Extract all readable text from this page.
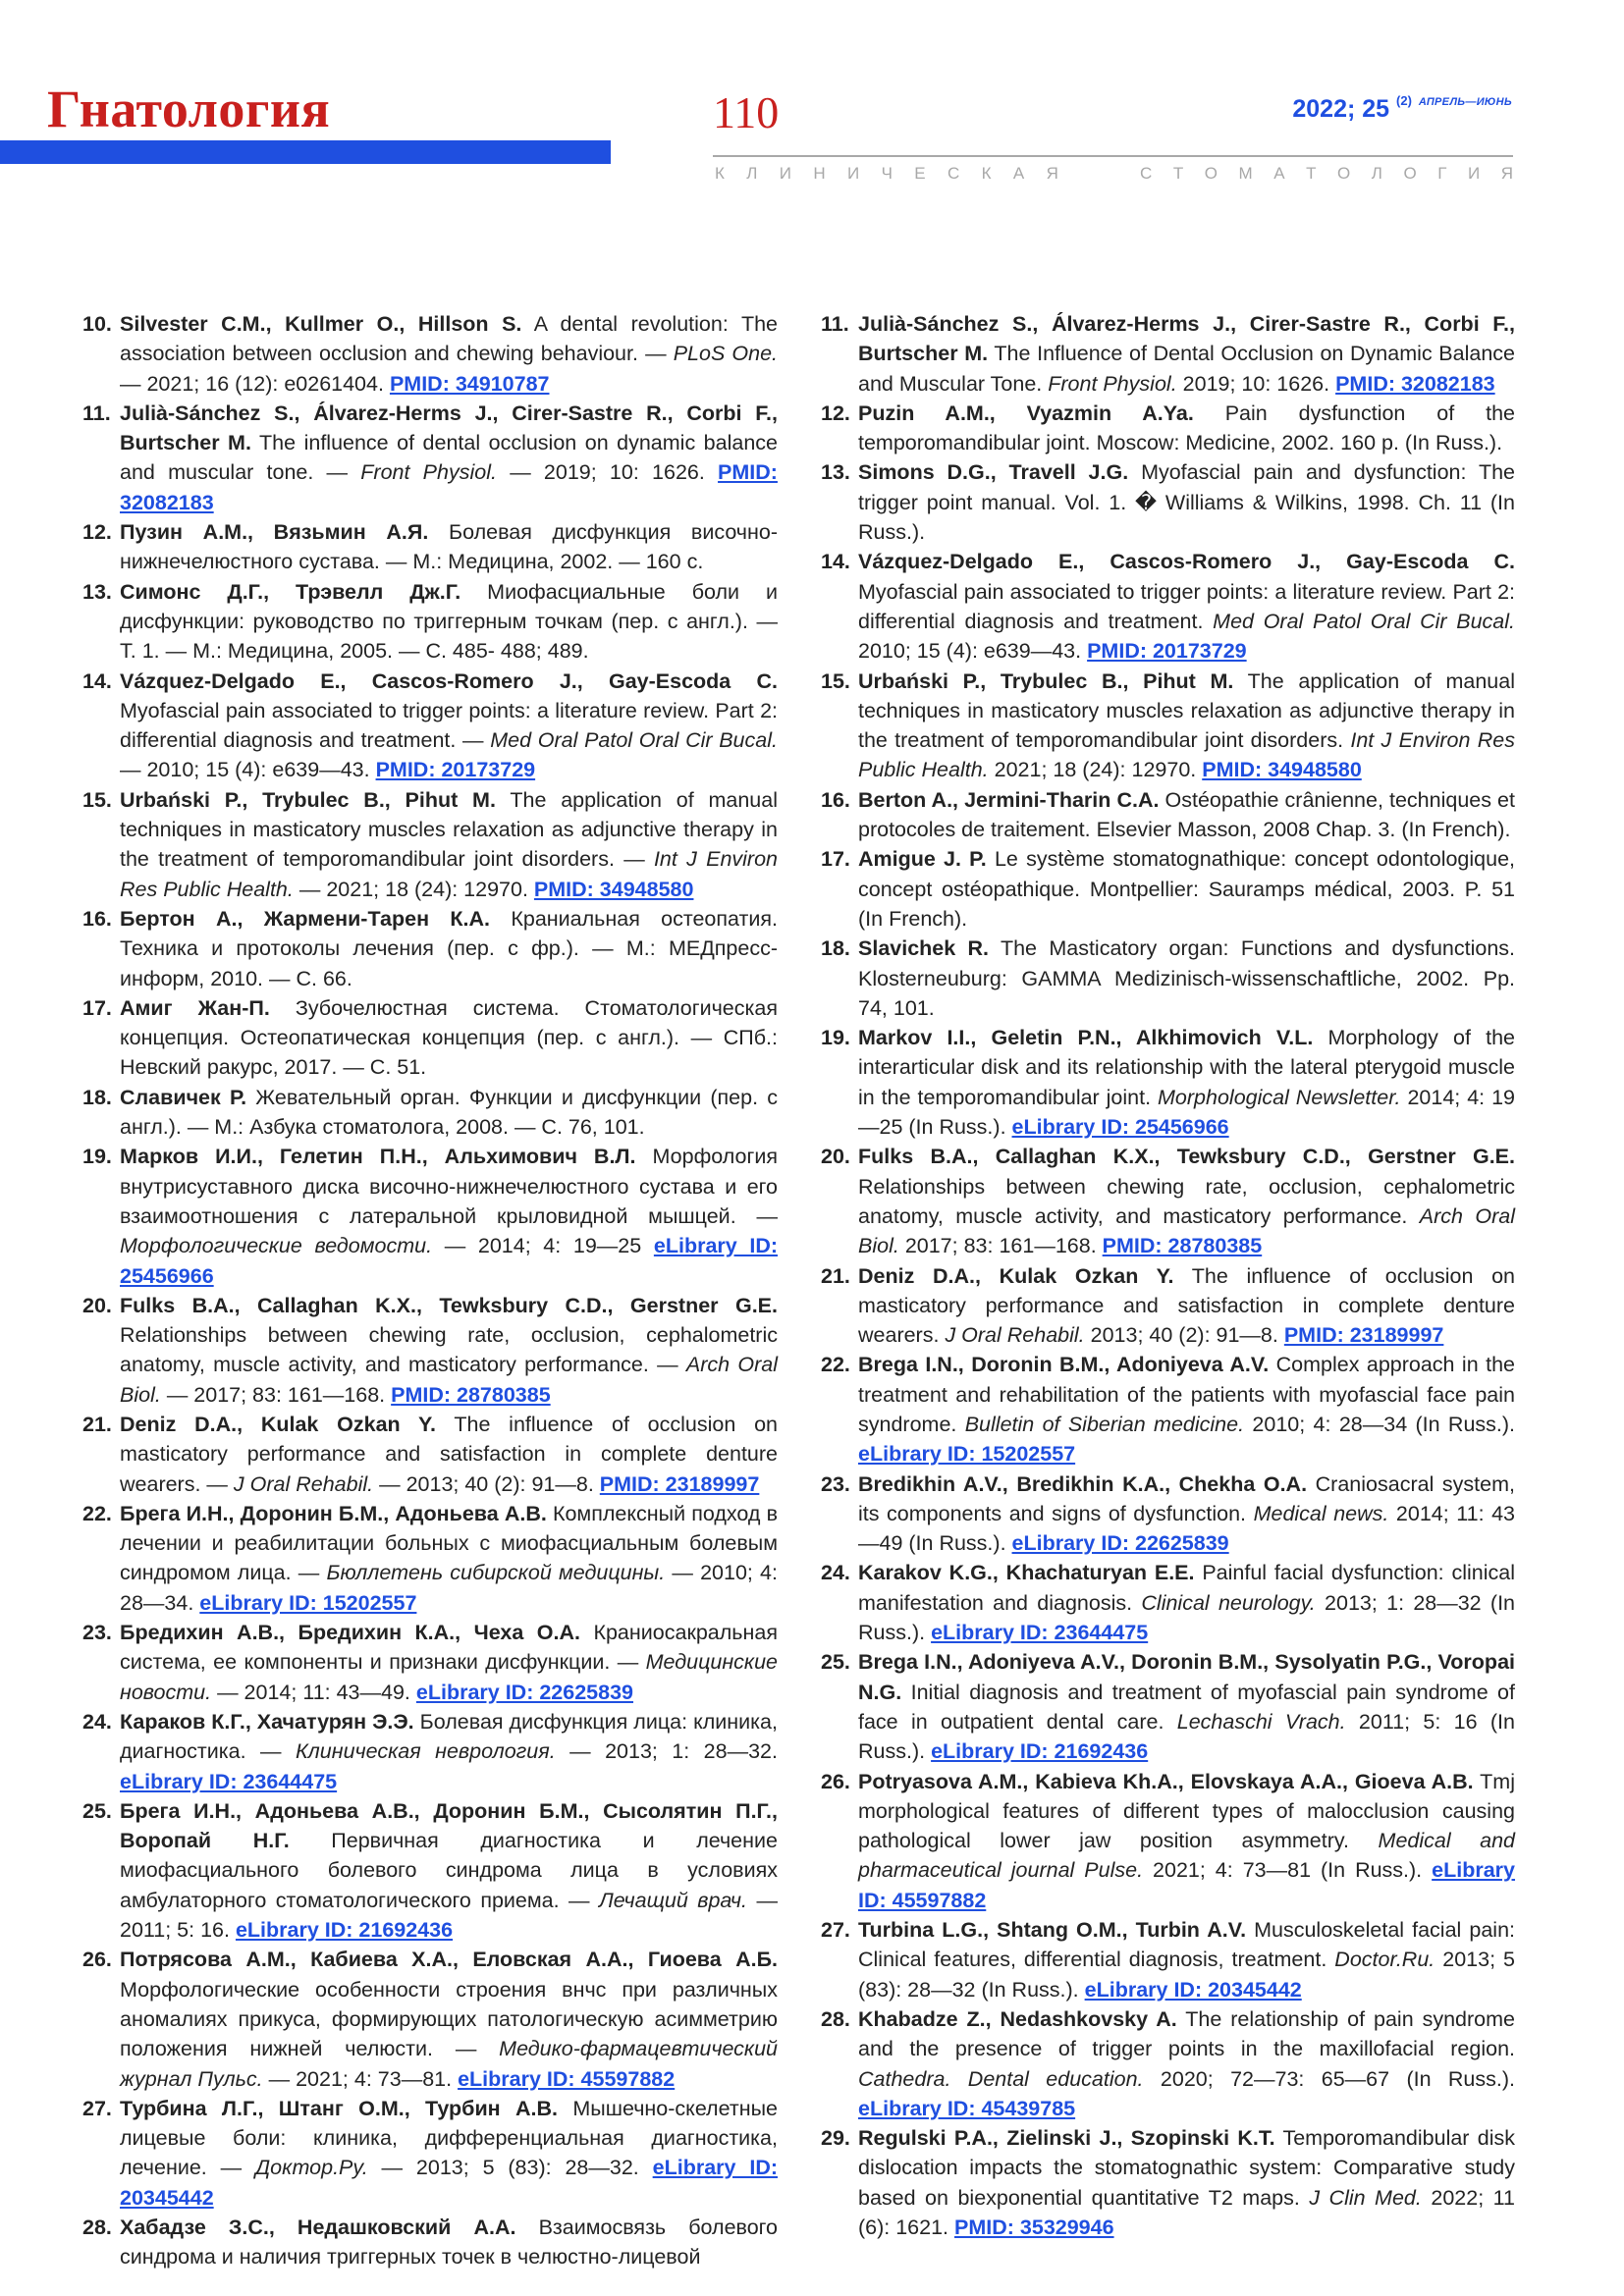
Гнатология	110	2022; 25 $^{(2)}$ $^{АПРЕЛЬ—ИЮНЬ}$
К Л И Н И Ч Е С К А Я	С Т О М А Т О Л О Г И Я
10. Silvester C.M., Kullmer O., Hillson S. A dental revolution: The association between occlusion and chewing behaviour. — PLoS One. — 2021; 16 (12): e0261404. PMID: 34910787
11. Julià-Sánchez S., Álvarez-Herms J., Cirer-Sastre R., Corbi F., Burtscher M. The influence of dental occlusion on dynamic balance and muscular tone. — Front Physiol. — 2019; 10: 1626. PMID: 32082183
12. Пузин А.М., Вязьмин А.Я. Болевая дисфункция височно-нижнечелюстного сустава. — М.: Медицина, 2002. — 160 с.
13. Симонс Д.Г., Трэвелл Дж.Г. Миофасциальные боли и дисфункции: руководство по триггерным точкам (пер. с англ.). — Т. 1. — М.: Медицина, 2005. — С. 485- 488; 489.
14. Vázquez-Delgado E., Cascos-Romero J., Gay-Escoda C. Myofascial pain associated to trigger points: a literature review. Part 2: differential diagnosis and treatment. — Med Oral Patol Oral Cir Bucal. — 2010; 15 (4): e639—43. PMID: 20173729
15. Urbański P., Trybulec B., Pihut M. The application of manual techniques in masticatory muscles relaxation as adjunctive therapy in the treatment of temporomandibular joint disorders. — Int J Environ Res Public Health. — 2021; 18 (24): 12970. PMID: 34948580
16. Бертон А., Жармени-Тарен К.А. Краниальная остеопатия. Техника и протоколы лечения (пер. с фр.). — М.: МЕДпресс-информ, 2010. — С. 66.
17. Амиг Жан-П. Зубочелюстная система. Стоматологическая концепция. Остеопатическая концепция (пер. с англ.). — СПб.: Невский ракурс, 2017. — С. 51.
18. Славичек Р. Жевательный орган. Функции и дисфункции (пер. с англ.). — М.: Азбука стоматолога, 2008. — С. 76, 101.
19. Марков И.И., Гелетин П.Н., Альхимович В.Л. Морфология внутрисуставного диска височно-нижнечелюстного сустава и его взаимоотношения с латеральной крыловидной мышцей. — Морфологические ведомости. — 2014; 4: 19—25 eLibrary ID: 25456966
20. Fulks B.A., Callaghan K.X., Tewksbury C.D., Gerstner G.E. Relationships between chewing rate, occlusion, cephalometric anatomy, muscle activity, and masticatory performance. — Arch Oral Biol. — 2017; 83: 161—168. PMID: 28780385
21. Deniz D.A., Kulak Ozkan Y. The influence of occlusion on masticatory performance and satisfaction in complete denture wearers. — J Oral Rehabil. — 2013; 40 (2): 91—8. PMID: 23189997
22. Брега И.Н., Доронин Б.М., Адоньева А.В. Комплексный подход в лечении и реабилитации больных с миофасциальным болевым синдромом лица. — Бюллетень сибирской медицины. — 2010; 4: 28—34. eLibrary ID: 15202557
23. Бредихин А.В., Бредихин К.А., Чеха О.А. Краниосакральная система, ее компоненты и признаки дисфункции. — Медицинские новости. — 2014; 11: 43—49. eLibrary ID: 22625839
24. Караков К.Г., Хачатурян Э.Э. Болевая дисфункция лица: клиника, диагностика. — Клиническая неврология. — 2013; 1: 28—32. eLibrary ID: 23644475
25. Брега И.Н., Адоньева А.В., Доронин Б.М., Сысолятин П.Г., Воропай Н.Г. Первичная диагностика и лечение миофасциального болевого синдрома лица в условиях амбулаторного стоматологического приема. — Лечащий врач. — 2011; 5: 16. eLibrary ID: 21692436
26. Потрясова А.М., Кабиева Х.А., Еловская А.А., Гиоева А.Б. Морфологические особенности строения внчс при различных аномалиях прикуса, формирующих патологическую асимметрию положения нижней челюсти. — Медико-фармацевтический журнал Пульс. — 2021; 4: 73—81. eLibrary ID: 45597882
27. Турбина Л.Г., Штанг О.М., Турбин А.В. Мышечно-скелетные лицевые боли: клиника, дифференциальная диагностика, лечение. — Доктор.Ру. — 2013; 5 (83): 28—32. eLibrary ID: 20345442
28. Хабадзе З.С., Недашковский А.А. Взаимосвязь болевого синдрома и наличия триггерных точек в челюстно-лицевой
11. Julià-Sánchez S., Álvarez-Herms J., Cirer-Sastre R., Corbi F., Burtscher M. The Influence of Dental Occlusion on Dynamic Balance and Muscular Tone. Front Physiol. 2019; 10: 1626. PMID: 32082183
12. Puzin A.M., Vyazmin A.Ya. Pain dysfunction of the temporomandibular joint. Moscow: Medicine, 2002. 160 p. (In Russ.).
13. Simons D.G., Travell J.G. Myofascial pain and dysfunction: The trigger point manual. Vol. 1. � Williams & Wilkins, 1998. Ch. 11 (In Russ.).
14. Vázquez-Delgado E., Cascos-Romero J., Gay-Escoda C. Myofascial pain associated to trigger points: a literature review. Part 2: differential diagnosis and treatment. Med Oral Patol Oral Cir Bucal. 2010; 15 (4): e639—43. PMID: 20173729
15. Urbański P., Trybulec B., Pihut M. The application of manual techniques in masticatory muscles relaxation as adjunctive therapy in the treatment of temporomandibular joint disorders. Int J Environ Res Public Health. 2021; 18 (24): 12970. PMID: 34948580
16. Berton A., Jermini-Tharin C.A. Ostéopathie crânienne, techniques et protocoles de traitement. Elsevier Masson, 2008 Chap. 3. (In French).
17. Amigue J. P. Le système stomatognathique: concept odontologique, concept ostéopathique. Montpellier: Sauramps médical, 2003. P. 51 (In French).
18. Slavichek R. The Masticatory organ: Functions and dysfunctions. Klosterneuburg: GAMMA Medizinisch-wissenschaftliche, 2002. Pp. 74, 101.
19. Markov I.I., Geletin P.N., Alkhimovich V.L. Morphology of the interarticular disk and its relationship with the lateral pterygoid muscle in the temporomandibular joint. Morphological Newsletter. 2014; 4: 19—25 (In Russ.). eLibrary ID: 25456966
20. Fulks B.A., Callaghan K.X., Tewksbury C.D., Gerstner G.E. Relationships between chewing rate, occlusion, cephalometric anatomy, muscle activity, and masticatory performance. Arch Oral Biol. 2017; 83: 161—168. PMID: 28780385
21. Deniz D.A., Kulak Ozkan Y. The influence of occlusion on masticatory performance and satisfaction in complete denture wearers. J Oral Rehabil. 2013; 40 (2): 91—8. PMID: 23189997
22. Brega I.N., Doronin B.M., Adoniyeva A.V. Complex approach in the treatment and rehabilitation of the patients with myofascial face pain syndrome. Bulletin of Siberian medicine. 2010; 4: 28—34 (In Russ.). eLibrary ID: 15202557
23. Bredikhin A.V., Bredikhin K.A., Chekha O.A. Craniosacral system, its components and signs of dysfunction. Medical news. 2014; 11: 43—49 (In Russ.). eLibrary ID: 22625839
24. Karakov K.G., Khachaturyan E.E. Painful facial dysfunction: clinical manifestation and diagnosis. Clinical neurology. 2013; 1: 28—32 (In Russ.). eLibrary ID: 23644475
25. Brega I.N., Adoniyeva A.V., Doronin B.M., Sysolyatin P.G., Voropai N.G. Initial diagnosis and treatment of myofascial pain syndrome of face in outpatient dental care. Lechaschi Vrach. 2011; 5: 16 (In Russ.). eLibrary ID: 21692436
26. Potryasova A.M., Kabieva Kh.A., Elovskaya A.A., Gioeva A.B. Tmj morphological features of different types of malocclusion causing pathological lower jaw position asymmetry. Medical and pharmaceutical journal Pulse. 2021; 4: 73—81 (In Russ.). eLibrary ID: 45597882
27. Turbina L.G., Shtang O.M., Turbin A.V. Musculoskeletal facial pain: Clinical features, differential diagnosis, treatment. Doctor.Ru. 2013; 5 (83): 28—32 (In Russ.). eLibrary ID: 20345442
28. Khabadze Z., Nedashkovsky A. The relationship of pain syndrome and the presence of trigger points in the maxillofacial region. Cathedra. Dental education. 2020; 72—73: 65—67 (In Russ.). eLibrary ID: 45439785
29. Regulski P.A., Zielinski J., Szopinski K.T. Temporomandibular disk dislocation impacts the stomatognathic system: Comparative study based on biexponential quantitative T2 maps. J Clin Med. 2022; 11 (6): 1621. PMID: 35329946
